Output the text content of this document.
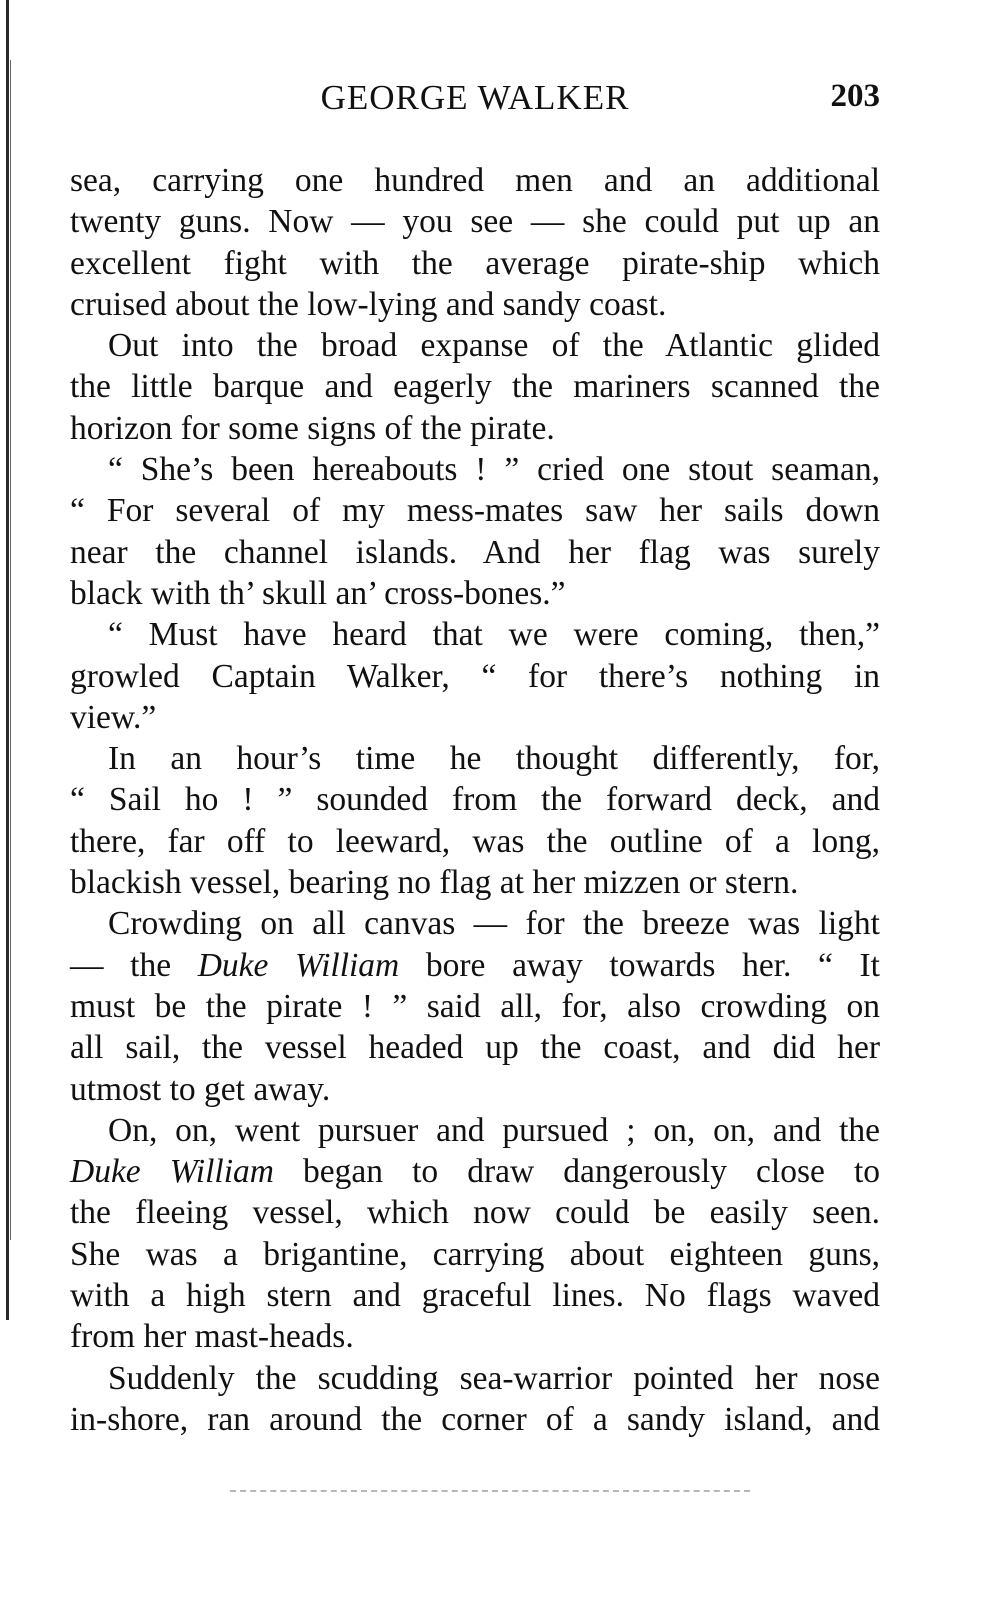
GEORGE WALKER	203
sea, carrying one hundred men and an additional
twenty guns. Now — you see — she could put up an
excellent fight with the average pirate-ship which
cruised about the low-lying and sandy coast.
Out into the broad expanse of the Atlantic glided
the little barque and eagerly the mariners scanned the
horizon for some signs of the pirate.
“ She’s been hereabouts ! ” cried one stout seaman,
“ For several of my mess-mates saw her sails down
near the channel islands. And her flag was surely
black with th’ skull an’ cross-bones.”
“ Must have heard that we were coming, then,”
growled Captain Walker, “ for there’s nothing in
view.”
In an hour’s time he thought differently, for,
“ Sail ho ! ” sounded from the forward deck, and
there, far off to leeward, was the outline of a long,
blackish vessel, bearing no flag at her mizzen or stern.
Crowding on all canvas — for the breeze was light
— the Duke William bore away towards her. “ It
must be the pirate ! ” said all, for, also crowding on
all sail, the vessel headed up the coast, and did her
utmost to get away.
On, on, went pursuer and pursued ; on, on, and the
Duke William began to draw dangerously close to
the fleeing vessel, which now could be easily seen.
She was a brigantine, carrying about eighteen guns,
with a high stern and graceful lines. No flags waved
from her mast-heads.
Suddenly the scudding sea-warrior pointed her nose
in-shore, ran around the corner of a sandy island, and
